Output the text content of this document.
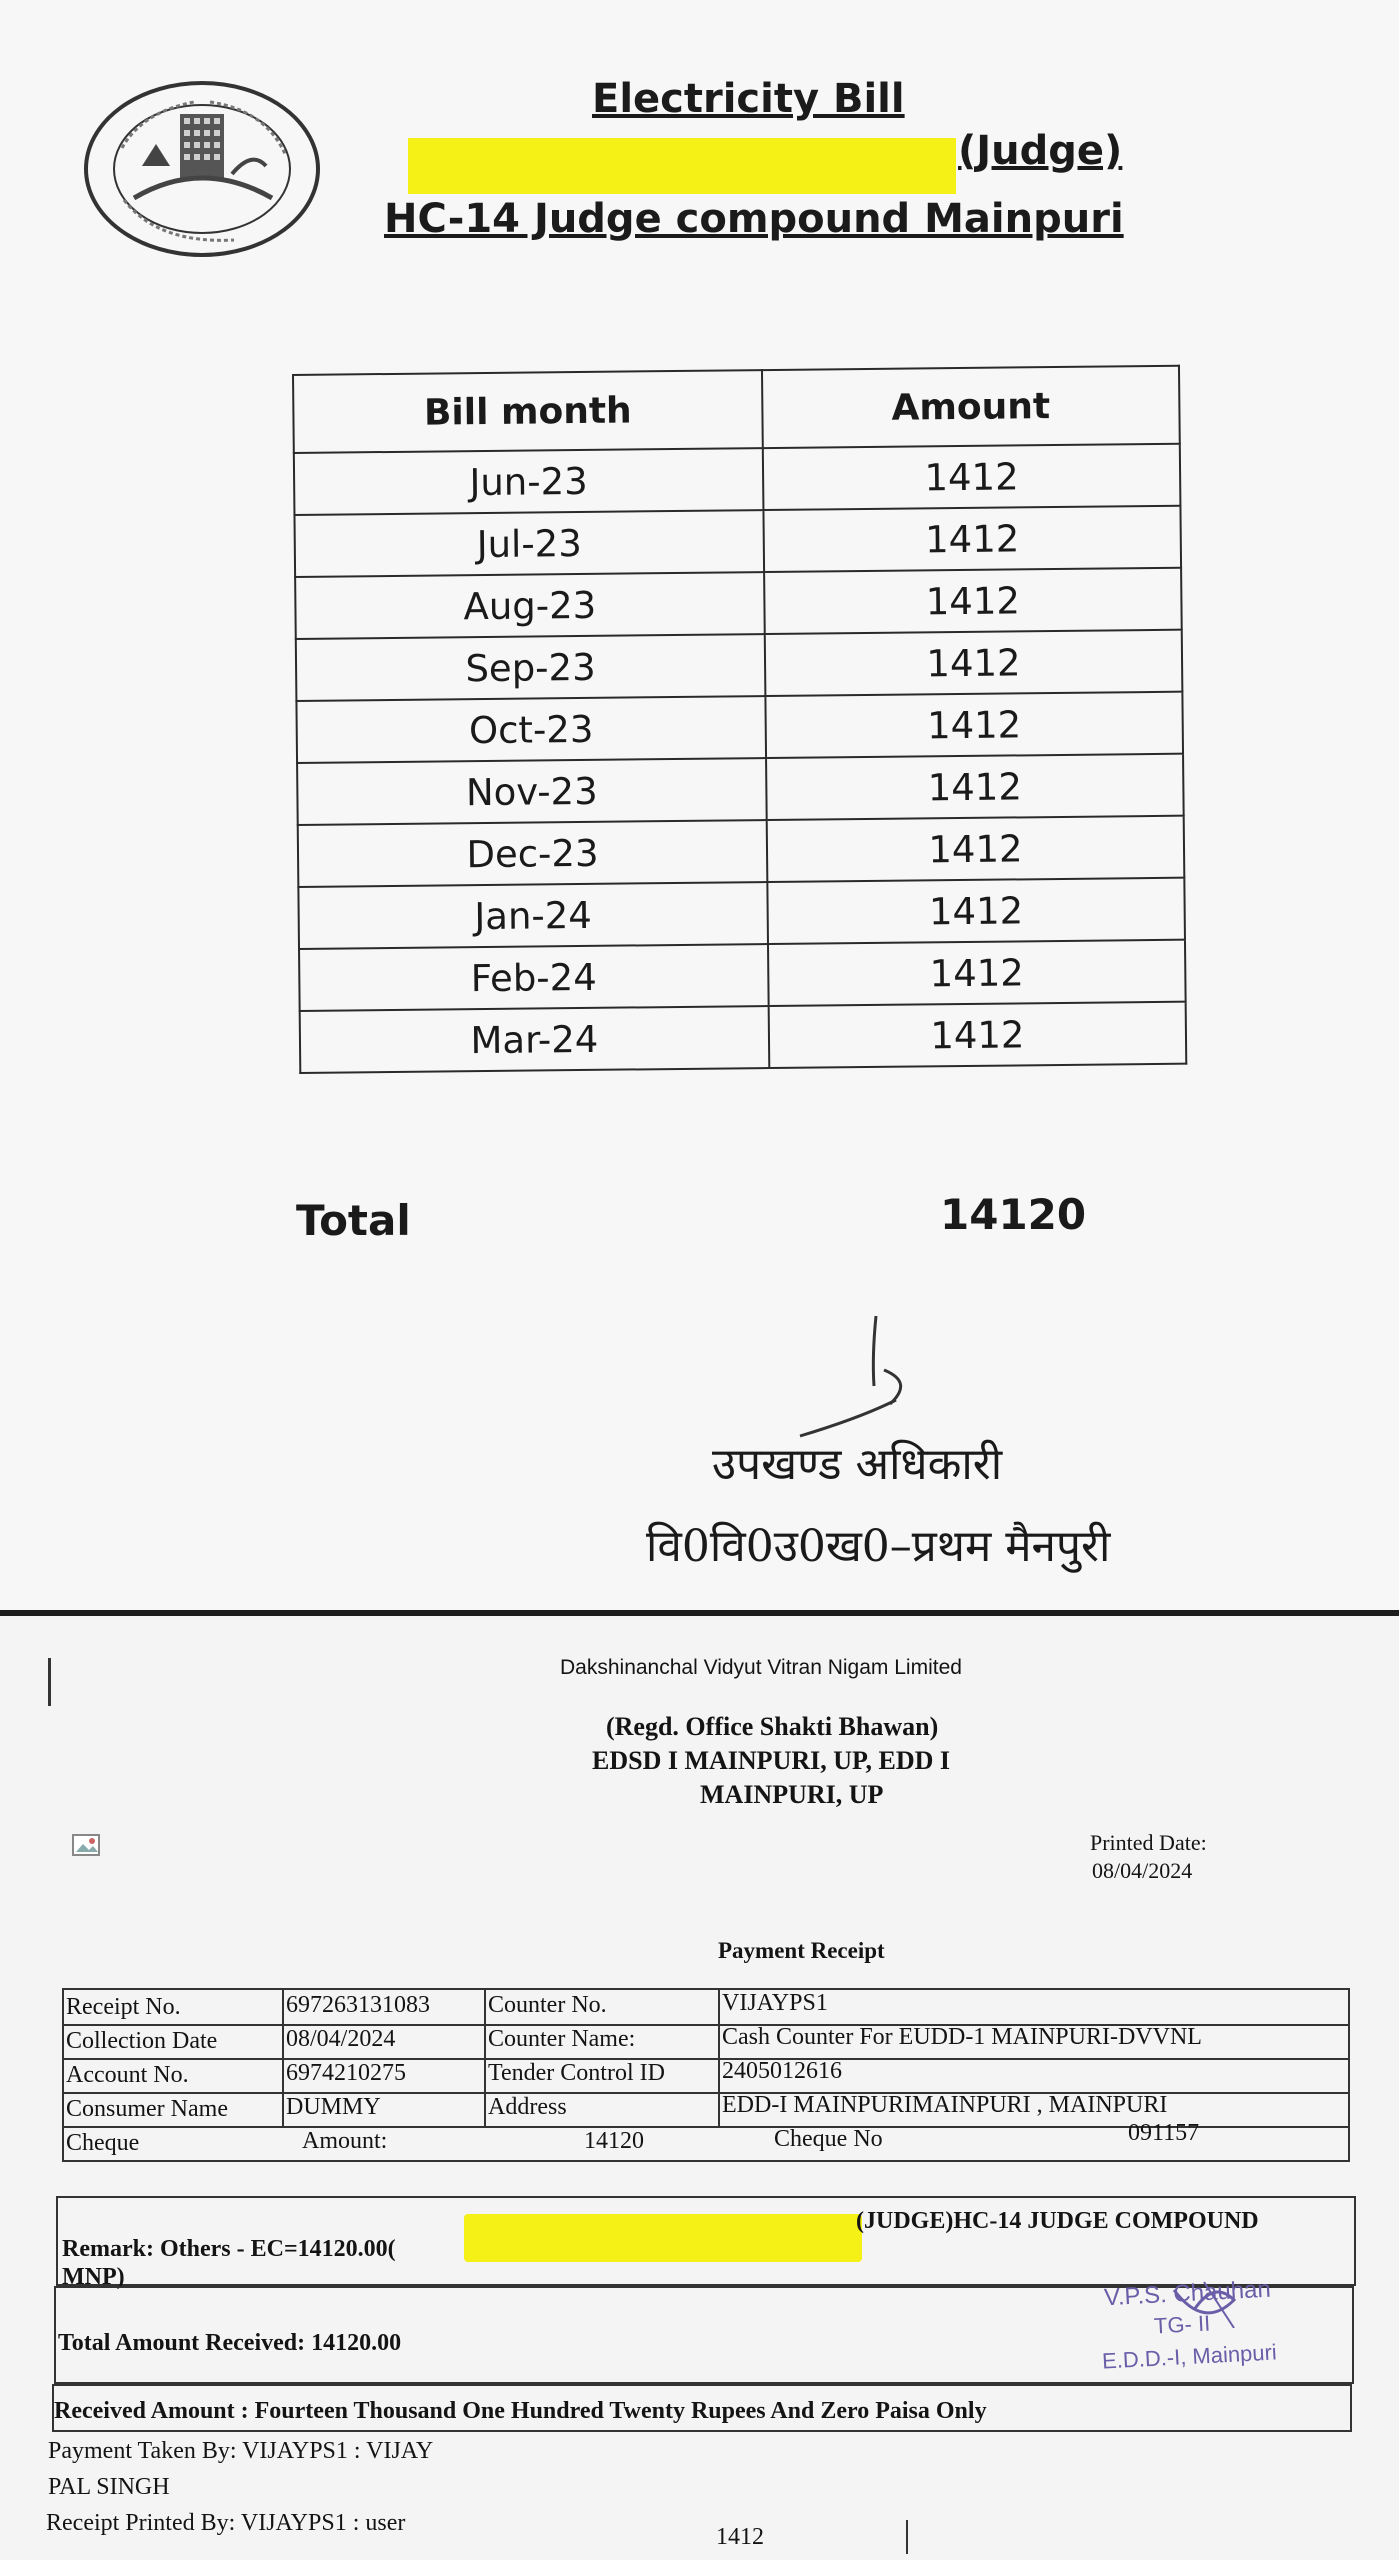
Electricity Bill
(Judge)
HC-14 Judge compound Mainpuri
Bill month	Amount
Jun-23	1412
Jul-23	1412
Aug-23	1412
Sep-23	1412
Oct-23	1412
Nov-23	1412
Dec-23	1412
Jan-24	1412
Feb-24	1412
Mar-24	1412
Total	14120
उपखण्ड अधिकारी
वि0वि0उ0ख0–प्रथम मैनपुरी
Dakshinanchal Vidyut Vitran Nigam Limited
(Regd. Office Shakti Bhawan)
EDSD I MAINPURI, UP, EDD I
MAINPURI, UP
Printed Date:
08/04/2024
Payment Receipt
Receipt No.	697263131083 Counter No.	VIJAYPS1
Collection Date	08/04/2024	Counter Name:	Cash Counter For EUDD-1 MAINPURI-DVVNL
Account No.	6974210275	Tender Control ID 2405012616
Consumer Name DUMMY	Address	EDD-I MAINPURIMAINPURI , MAINPURI
Cheque	Amount:	14120	Cheque No	091157
Remark: Others - EC=14120.00(
(JUDGE)HC-14 JUDGE COMPOUND
MNP)
Total Amount Received: 14120.00
V.P.S. Chauhan
TG- II
E.D.D.-I, Mainpuri
Received Amount : Fourteen Thousand One Hundred Twenty Rupees And Zero Paisa Only
Payment Taken By: VIJAYPS1 : VIJAY
PAL SINGH
Receipt Printed By: VIJAYPS1 : user
1412
